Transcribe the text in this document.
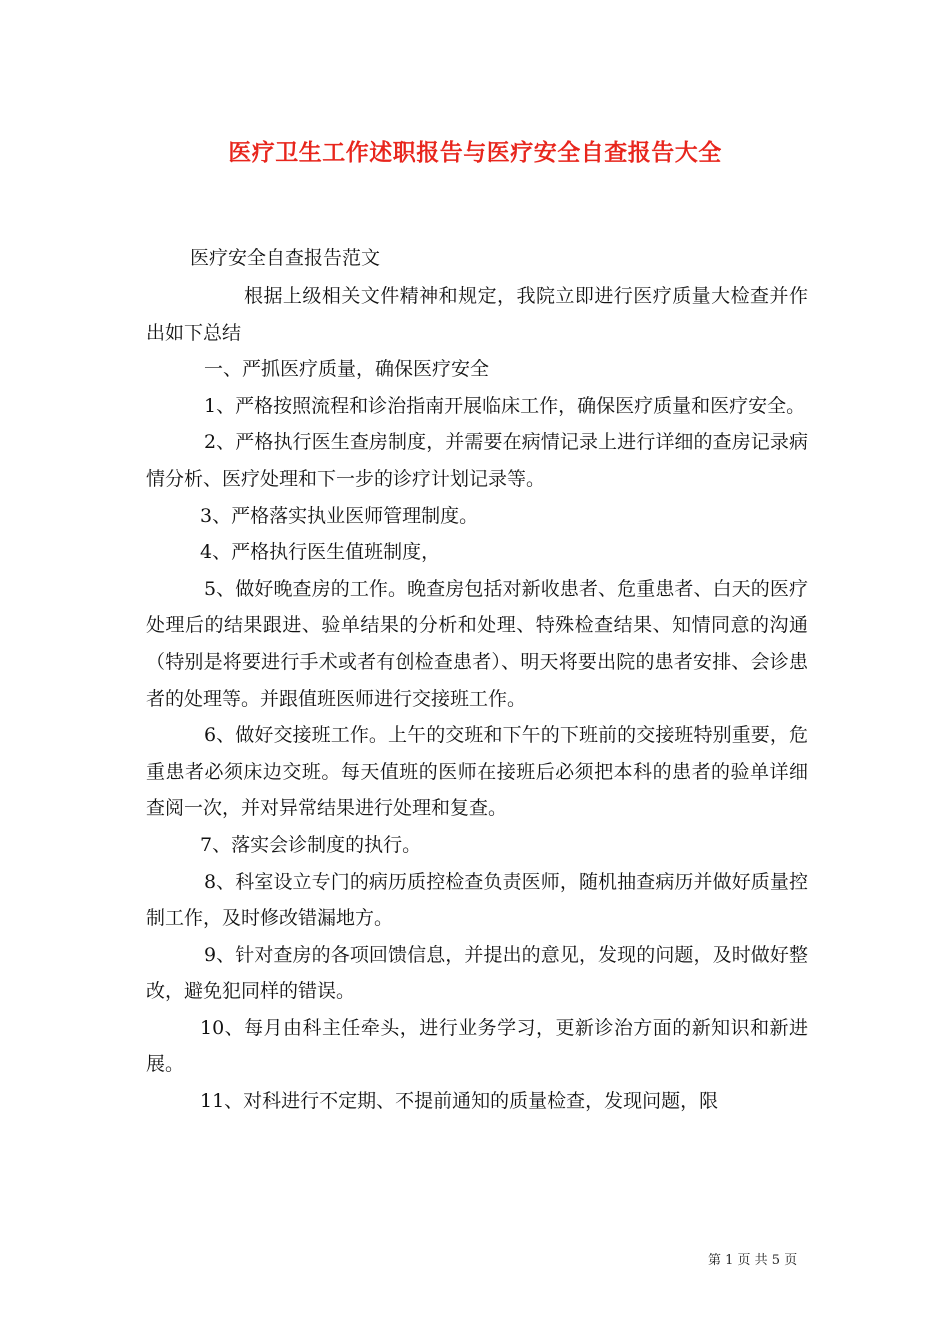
医疗卫生工作述职报告与医疗安全自查报告大全

医疗安全自查报告范文

根据上级相关文件精神和规定，我院立即进行医疗质量大检查并作出如下总结

一、严抓医疗质量，确保医疗安全

1、严格按照流程和诊治指南开展临床工作，确保医疗质量和医疗安全。

2、严格执行医生查房制度，并需要在病情记录上进行详细的查房记录病情分析、医疗处理和下一步的诊疗计划记录等。

3、严格落实执业医师管理制度。

4、严格执行医生值班制度，

5、做好晚查房的工作。晚查房包括对新收患者、危重患者、白天的医疗处理后的结果跟进、验单结果的分析和处理、特殊检查结果、知情同意的沟通（特别是将要进行手术或者有创检查患者）、明天将要出院的患者安排、会诊患者的处理等。并跟值班医师进行交接班工作。

6、做好交接班工作。上午的交班和下午的下班前的交接班特别重要，危重患者必须床边交班。每天值班的医师在接班后必须把本科的患者的验单详细查阅一次，并对异常结果进行处理和复查。

7、落实会诊制度的执行。

8、科室设立专门的病历质控检查负责医师，随机抽查病历并做好质量控制工作，及时修改错漏地方。

9、针对查房的各项回馈信息，并提出的意见，发现的问题，及时做好整改，避免犯同样的错误。

10、每月由科主任牵头，进行业务学习，更新诊治方面的新知识和新进展。

11、对科进行不定期、不提前通知的质量检查，发现问题，限

第 1 页 共 5 页
